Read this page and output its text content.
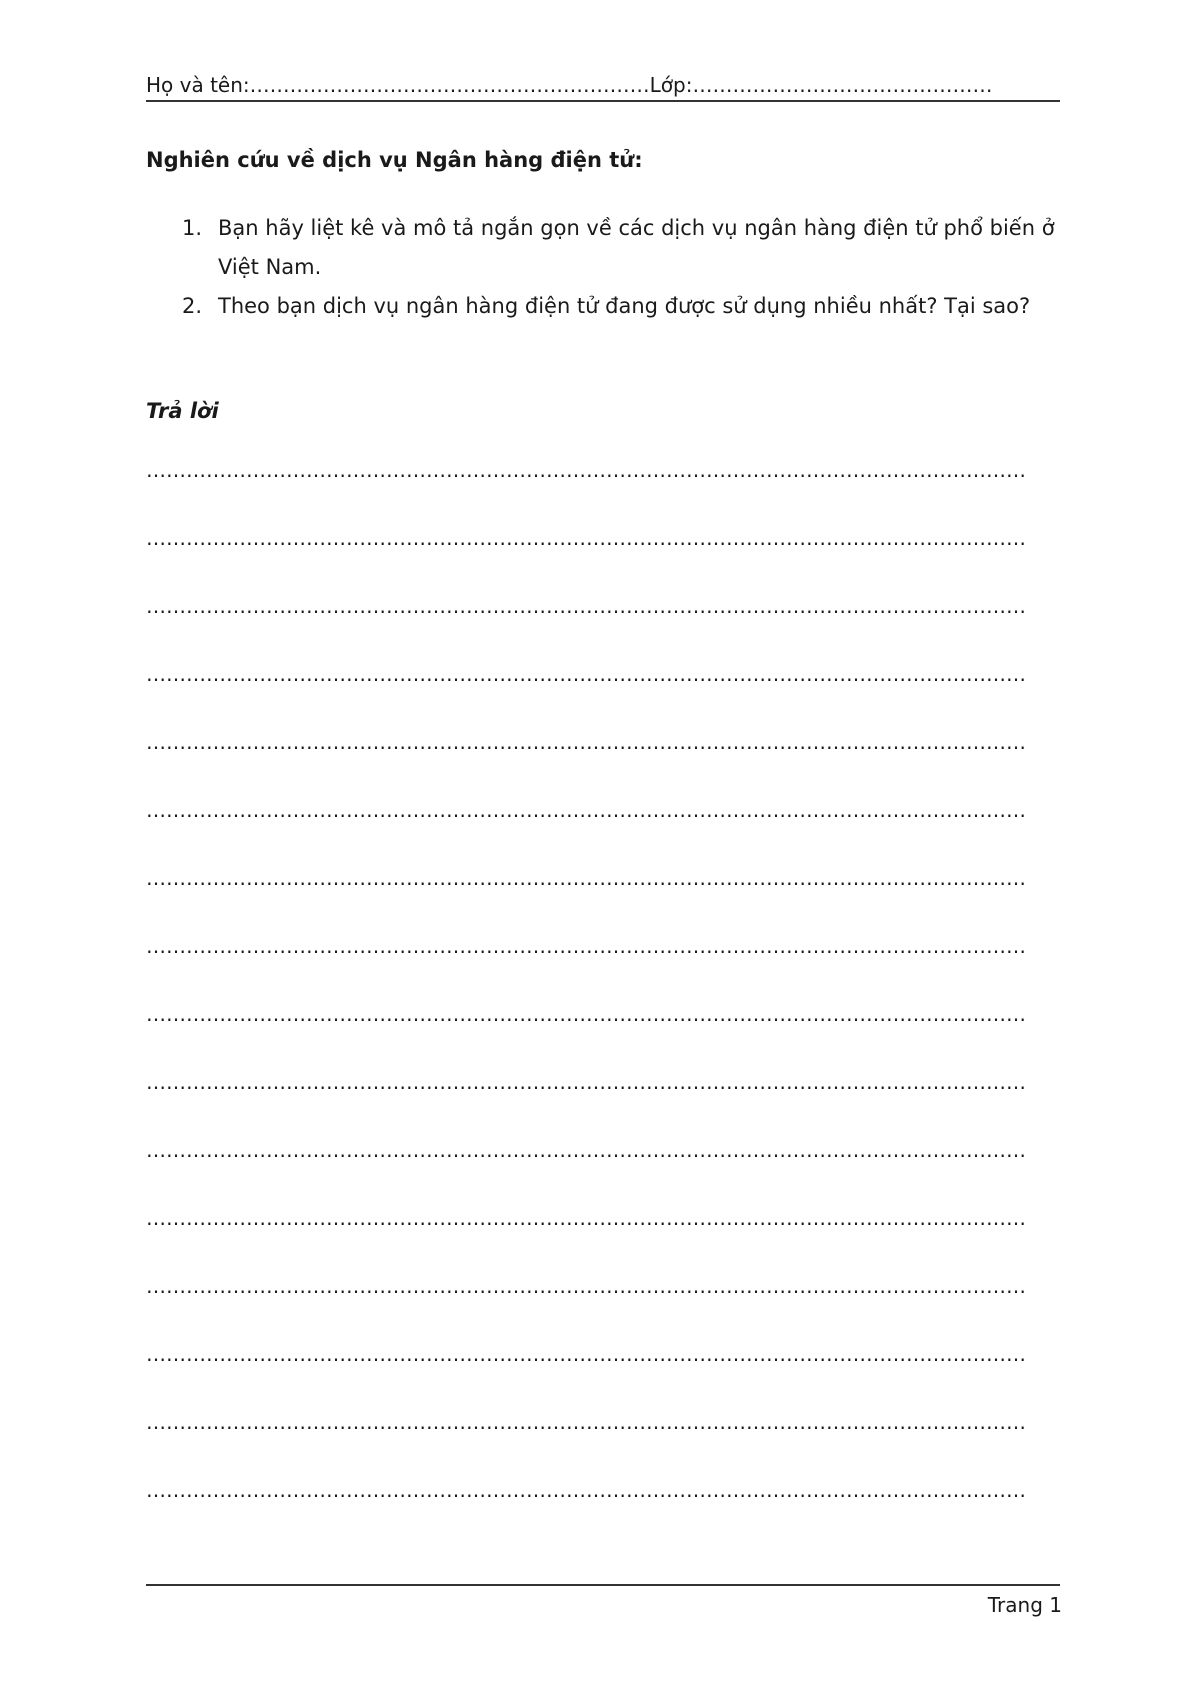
Họ và tên:……………………………………………………Lớp:………………………………………
Nghiên cứu về dịch vụ Ngân hàng điện tử:
1. Bạn hãy liệt kê và mô tả ngắn gọn về các dịch vụ ngân hàng điện tử phổ biến ở Việt Nam.
2. Theo bạn dịch vụ ngân hàng điện tử đang được sử dụng nhiều nhất? Tại sao?
Trả lời
……………………………………………………………………………………………………………………
……………………………………………………………………………………………………………………
……………………………………………………………………………………………………………………
……………………………………………………………………………………………………………………
……………………………………………………………………………………………………………………
……………………………………………………………………………………………………………………
……………………………………………………………………………………………………………………
……………………………………………………………………………………………………………………
……………………………………………………………………………………………………………………
……………………………………………………………………………………………………………………
……………………………………………………………………………………………………………………
……………………………………………………………………………………………………………………
……………………………………………………………………………………………………………………
……………………………………………………………………………………………………………………
……………………………………………………………………………………………………………………
……………………………………………………………………………………………………………………
Trang 1
